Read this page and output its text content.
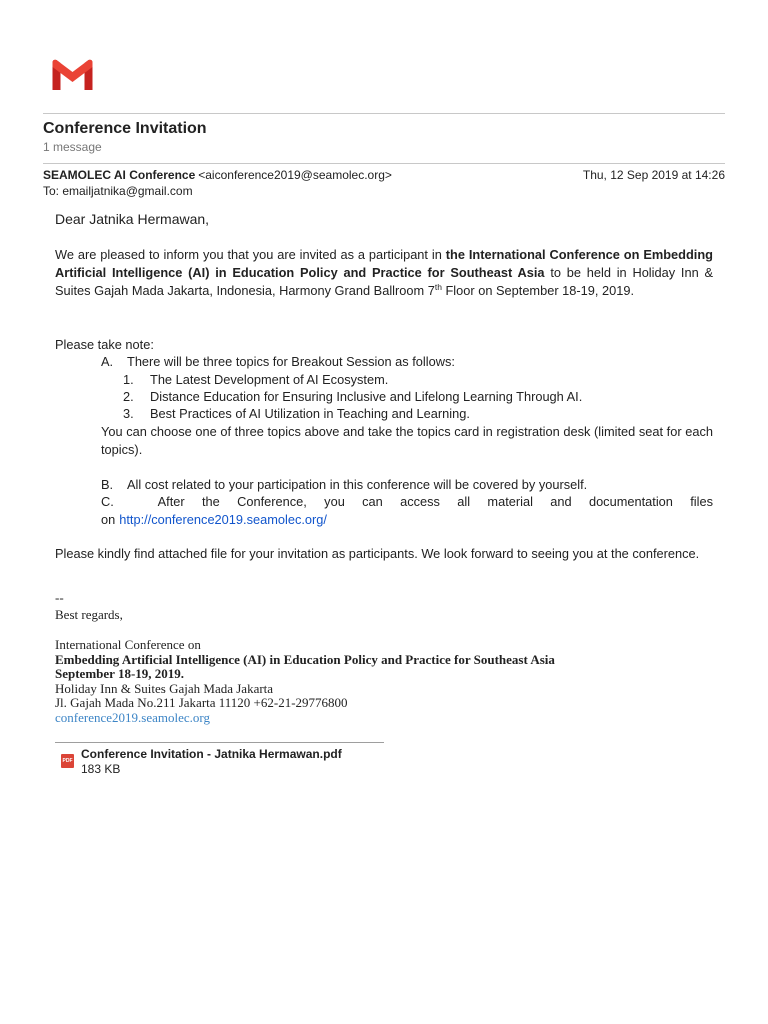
Conference Invitation
1 message
SEAMOLEC AI Conference <aiconference2019@seamolec.org>	Thu, 12 Sep 2019 at 14:26
To: emailjatnika@gmail.com
Dear Jatnika Hermawan,

We are pleased to inform you that you are invited as a participant in the International Conference on Embedding Artificial Intelligence (AI) in Education Policy and Practice for Southeast Asia to be held in Holiday Inn & Suites Gajah Mada Jakarta, Indonesia, Harmony Grand Ballroom 7th Floor on September 18-19, 2019.

Please take note:
A. There will be three topics for Breakout Session as follows:
1. The Latest Development of AI Ecosystem.
2. Distance Education for Ensuring Inclusive and Lifelong Learning Through AI.
3. Best Practices of AI Utilization in Teaching and Learning.

You can choose one of three topics above and take the topics card in registration desk (limited seat for each topics).

B. All cost related to your participation in this conference will be covered by yourself.

C.	After the Conference, you can access all material and documentation files on http://conference2019.seamolec.org/

Please kindly find attached file for your invitation as participants. We look forward to seeing you at the conference.

--
Best regards,
International Conference on
Embedding Artificial Intelligence (AI) in Education Policy and Practice for Southeast Asia
September 18-19, 2019.
Holiday Inn & Suites Gajah Mada Jakarta
Jl. Gajah Mada No.211 Jakarta 11120 +62-21-29776800
conference2019.seamolec.org
PDF Conference Invitation - Jatnika Hermawan.pdf
183 KB
